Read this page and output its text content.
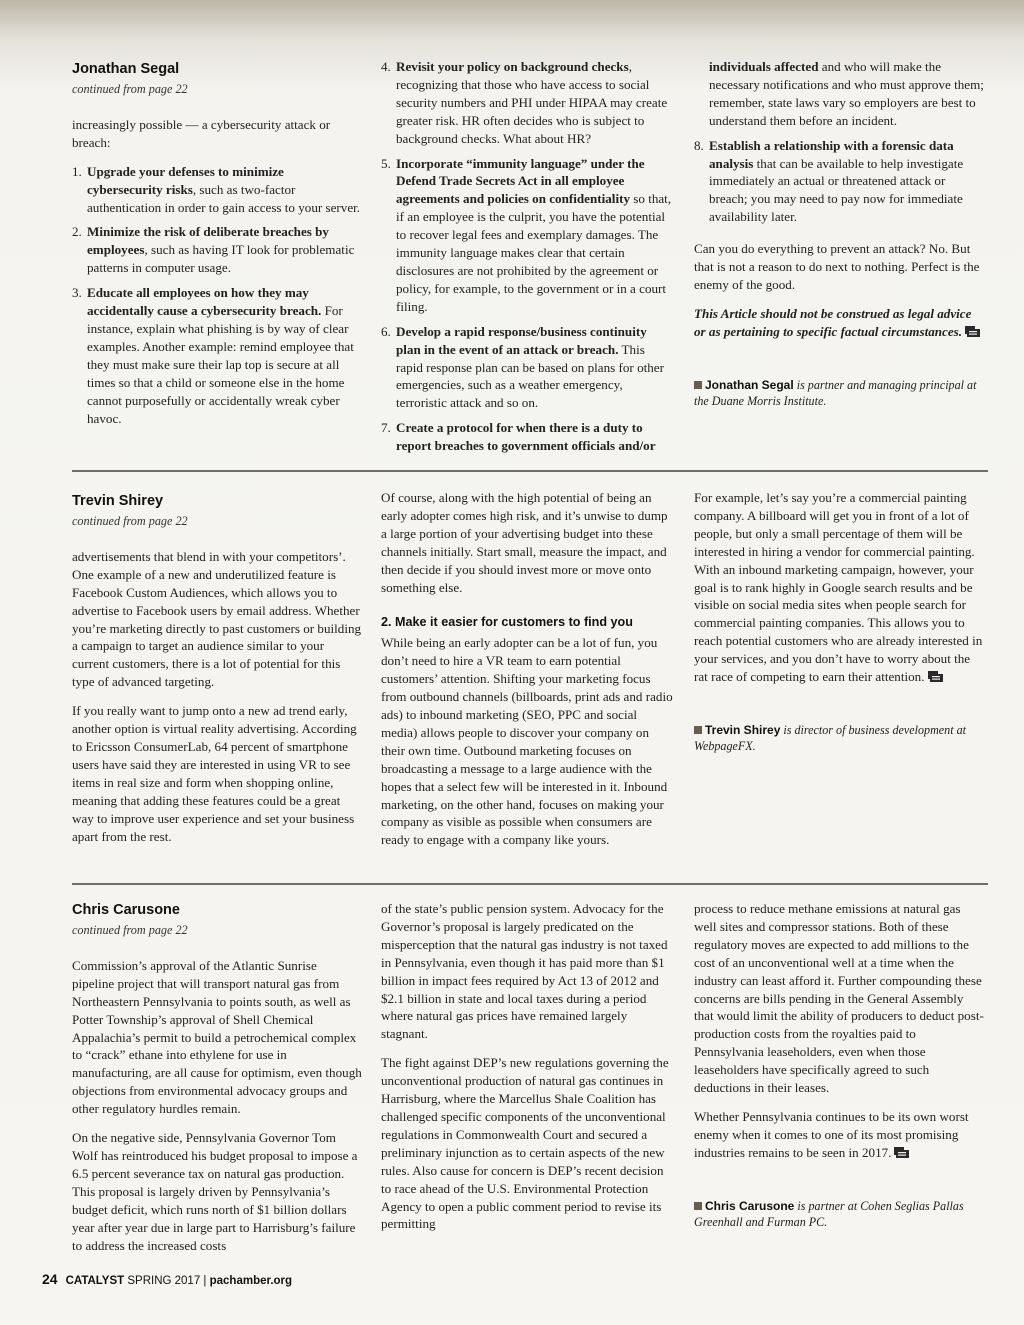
Jonathan Segal
continued from page 22

increasingly possible — a cybersecurity attack or breach:

1. Upgrade your defenses to minimize cybersecurity risks, such as two-factor authentication in order to gain access to your server.
2. Minimize the risk of deliberate breaches by employees, such as having IT look for problematic patterns in computer usage.
3. Educate all employees on how they may accidentally cause a cybersecurity breach. For instance, explain what phishing is by way of clear examples. Another example: remind employee that they must make sure their lap top is secure at all times so that a child or someone else in the home cannot purposefully or accidentally wreak cyber havoc.
4. Revisit your policy on background checks, recognizing that those who have access to social security numbers and PHI under HIPAA may create greater risk. HR often decides who is subject to background checks. What about HR?
5. Incorporate “immunity language” under the Defend Trade Secrets Act in all employee agreements and policies on confidentiality so that, if an employee is the culprit, you have the potential to recover legal fees and exemplary damages. The immunity language makes clear that certain disclosures are not prohibited by the agreement or policy, for example, to the government or in a court filing.
6. Develop a rapid response/business continuity plan in the event of an attack or breach. This rapid response plan can be based on plans for other emergencies, such as a weather emergency, terroristic attack and so on.
7. Create a protocol for when there is a duty to report breaches to government officials and/or
individuals affected and who will make the necessary notifications and who must approve them; remember, state laws vary so employers are best to understand them before an incident.
8. Establish a relationship with a forensic data analysis that can be available to help investigate immediately an actual or threatened attack or breach; you may need to pay now for immediate availability later.

Can you do everything to prevent an attack? No. But that is not a reason to do next to nothing. Perfect is the enemy of the good.

This Article should not be construed as legal advice or as pertaining to specific factual circumstances.

Jonathan Segal is partner and managing principal at the Duane Morris Institute.
Trevin Shirey
continued from page 22

advertisements that blend in with your competitors’. One example of a new and underutilized feature is Facebook Custom Audiences, which allows you to advertise to Facebook users by email address. Whether you’re marketing directly to past customers or building a campaign to target an audience similar to your current customers, there is a lot of potential for this type of advanced targeting.

If you really want to jump onto a new ad trend early, another option is virtual reality advertising. According to Ericsson ConsumerLab, 64 percent of smartphone users have said they are interested in using VR to see items in real size and form when shopping online, meaning that adding these features could be a great way to improve user experience and set your business apart from the rest.

Of course, along with the high potential of being an early adopter comes high risk, and it’s unwise to dump a large portion of your advertising budget into these channels initially. Start small, measure the impact, and then decide if you should invest more or move onto something else.

2. Make it easier for customers to find you

While being an early adopter can be a lot of fun, you don’t need to hire a VR team to earn potential customers’ attention. Shifting your marketing focus from outbound channels (billboards, print ads and radio ads) to inbound marketing (SEO, PPC and social media) allows people to discover your company on their own time. Outbound marketing focuses on broadcasting a message to a large audience with the hopes that a select few will be interested in it. Inbound marketing, on the other hand, focuses on making your company as visible as possible when consumers are ready to engage with a company like yours.

For example, let’s say you’re a commercial painting company. A billboard will get you in front of a lot of people, but only a small percentage of them will be interested in hiring a vendor for commercial painting. With an inbound marketing campaign, however, your goal is to rank highly in Google search results and be visible on social media sites when people search for commercial painting companies. This allows you to reach potential customers who are already interested in your services, and you don’t have to worry about the rat race of competing to earn their attention.

Trevin Shirey is director of business development at WebpageFX.
Chris Carusone
continued from page 22

Commission’s approval of the Atlantic Sunrise pipeline project that will transport natural gas from Northeastern Pennsylvania to points south, as well as Potter Township’s approval of Shell Chemical Appalachia’s permit to build a petrochemical complex to “crack” ethane into ethylene for use in manufacturing, are all cause for optimism, even though objections from environmental advocacy groups and other regulatory hurdles remain.

On the negative side, Pennsylvania Governor Tom Wolf has reintroduced his budget proposal to impose a 6.5 percent severance tax on natural gas production. This proposal is largely driven by Pennsylvania’s budget deficit, which runs north of $1 billion dollars year after year due in large part to Harrisburg’s failure to address the increased costs

of the state’s public pension system. Advocacy for the Governor’s proposal is largely predicated on the misperception that the natural gas industry is not taxed in Pennsylvania, even though it has paid more than $1 billion in impact fees required by Act 13 of 2012 and $2.1 billion in state and local taxes during a period where natural gas prices have remained largely stagnant.

The fight against DEP’s new regulations governing the unconventional production of natural gas continues in Harrisburg, where the Marcellus Shale Coalition has challenged specific components of the unconventional regulations in Commonwealth Court and secured a preliminary injunction as to certain aspects of the new rules. Also cause for concern is DEP’s recent decision to race ahead of the U.S. Environmental Protection Agency to open a public comment period to revise its permitting

process to reduce methane emissions at natural gas well sites and compressor stations. Both of these regulatory moves are expected to add millions to the cost of an unconventional well at a time when the industry can least afford it. Further compounding these concerns are bills pending in the General Assembly that would limit the ability of producers to deduct post-production costs from the royalties paid to Pennsylvania leaseholders, even when those leaseholders have specifically agreed to such deductions in their leases.

Whether Pennsylvania continues to be its own worst enemy when it comes to one of its most promising industries remains to be seen in 2017.

Chris Carusone is partner at Cohen Seglias Pallas Greenhall and Furman PC.
24 CATALYST SPRING 2017 | pachamber.org
